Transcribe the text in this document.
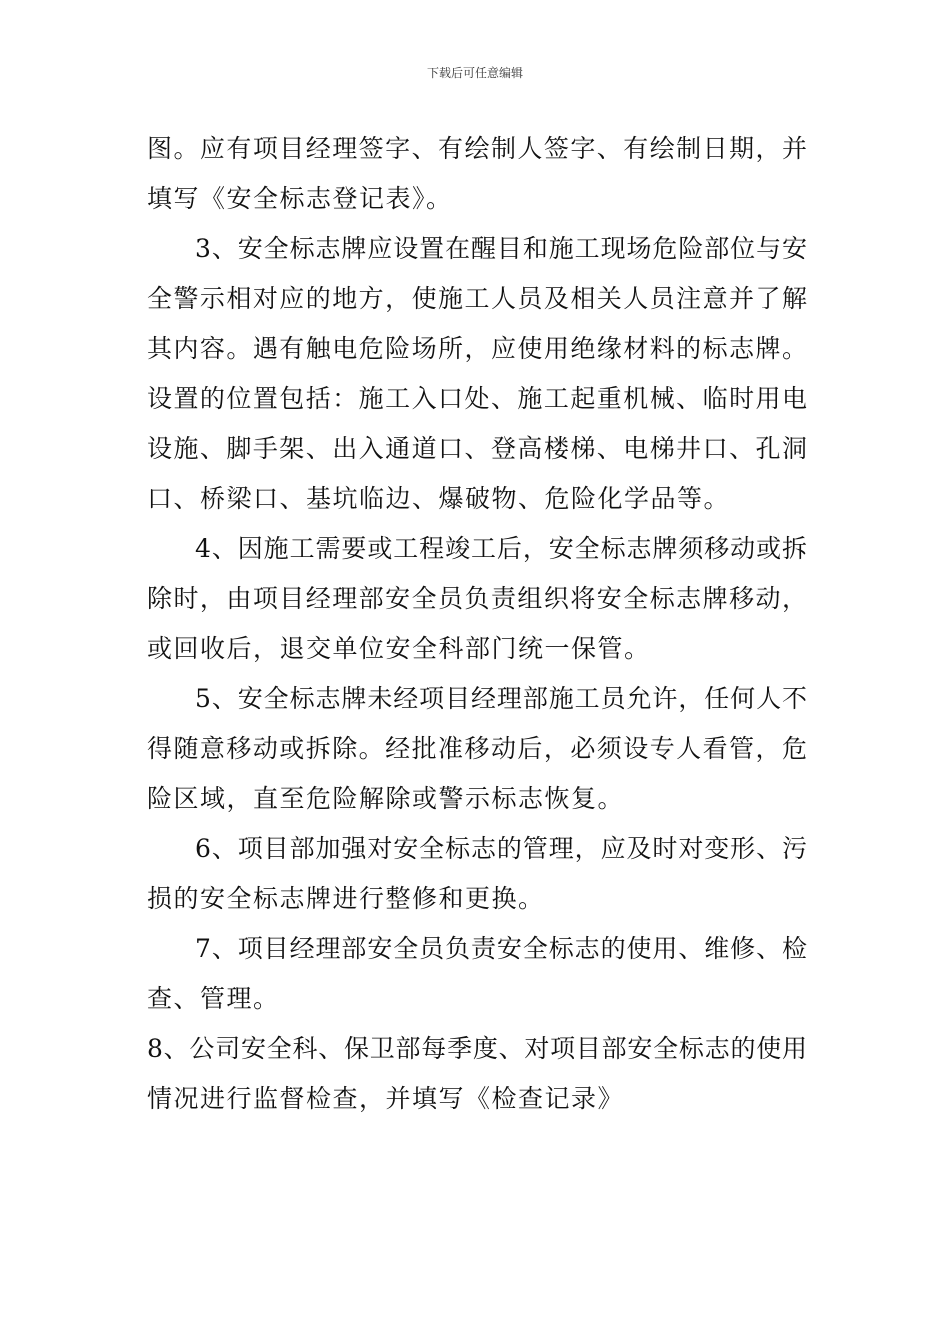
下载后可任意编辑
图。应有项目经理签字、有绘制人签字、有绘制日期，并
填写《安全标志登记表》。
3、安全标志牌应设置在醒目和施工现场危险部位与安
全警示相对应的地方，使施工人员及相关人员注意并了解
其内容。遇有触电危险场所，应使用绝缘材料的标志牌。
设置的位置包括：施工入口处、施工起重机械、临时用电
设施、脚手架、出入通道口、登高楼梯、电梯井口、孔洞
口、桥梁口、基坑临边、爆破物、危险化学品等。
4、因施工需要或工程竣工后，安全标志牌须移动或拆
除时，由项目经理部安全员负责组织将安全标志牌移动，
或回收后，退交单位安全科部门统一保管。
5、安全标志牌未经项目经理部施工员允许，任何人不
得随意移动或拆除。经批准移动后，必须设专人看管，危
险区域，直至危险解除或警示标志恢复。
6、项目部加强对安全标志的管理，应及时对变形、污
损的安全标志牌进行整修和更换。
7、项目经理部安全员负责安全标志的使用、维修、检
查、管理。
8、公司安全科、保卫部每季度、对项目部安全标志的使用
情况进行监督检查，并填写《检查记录》
